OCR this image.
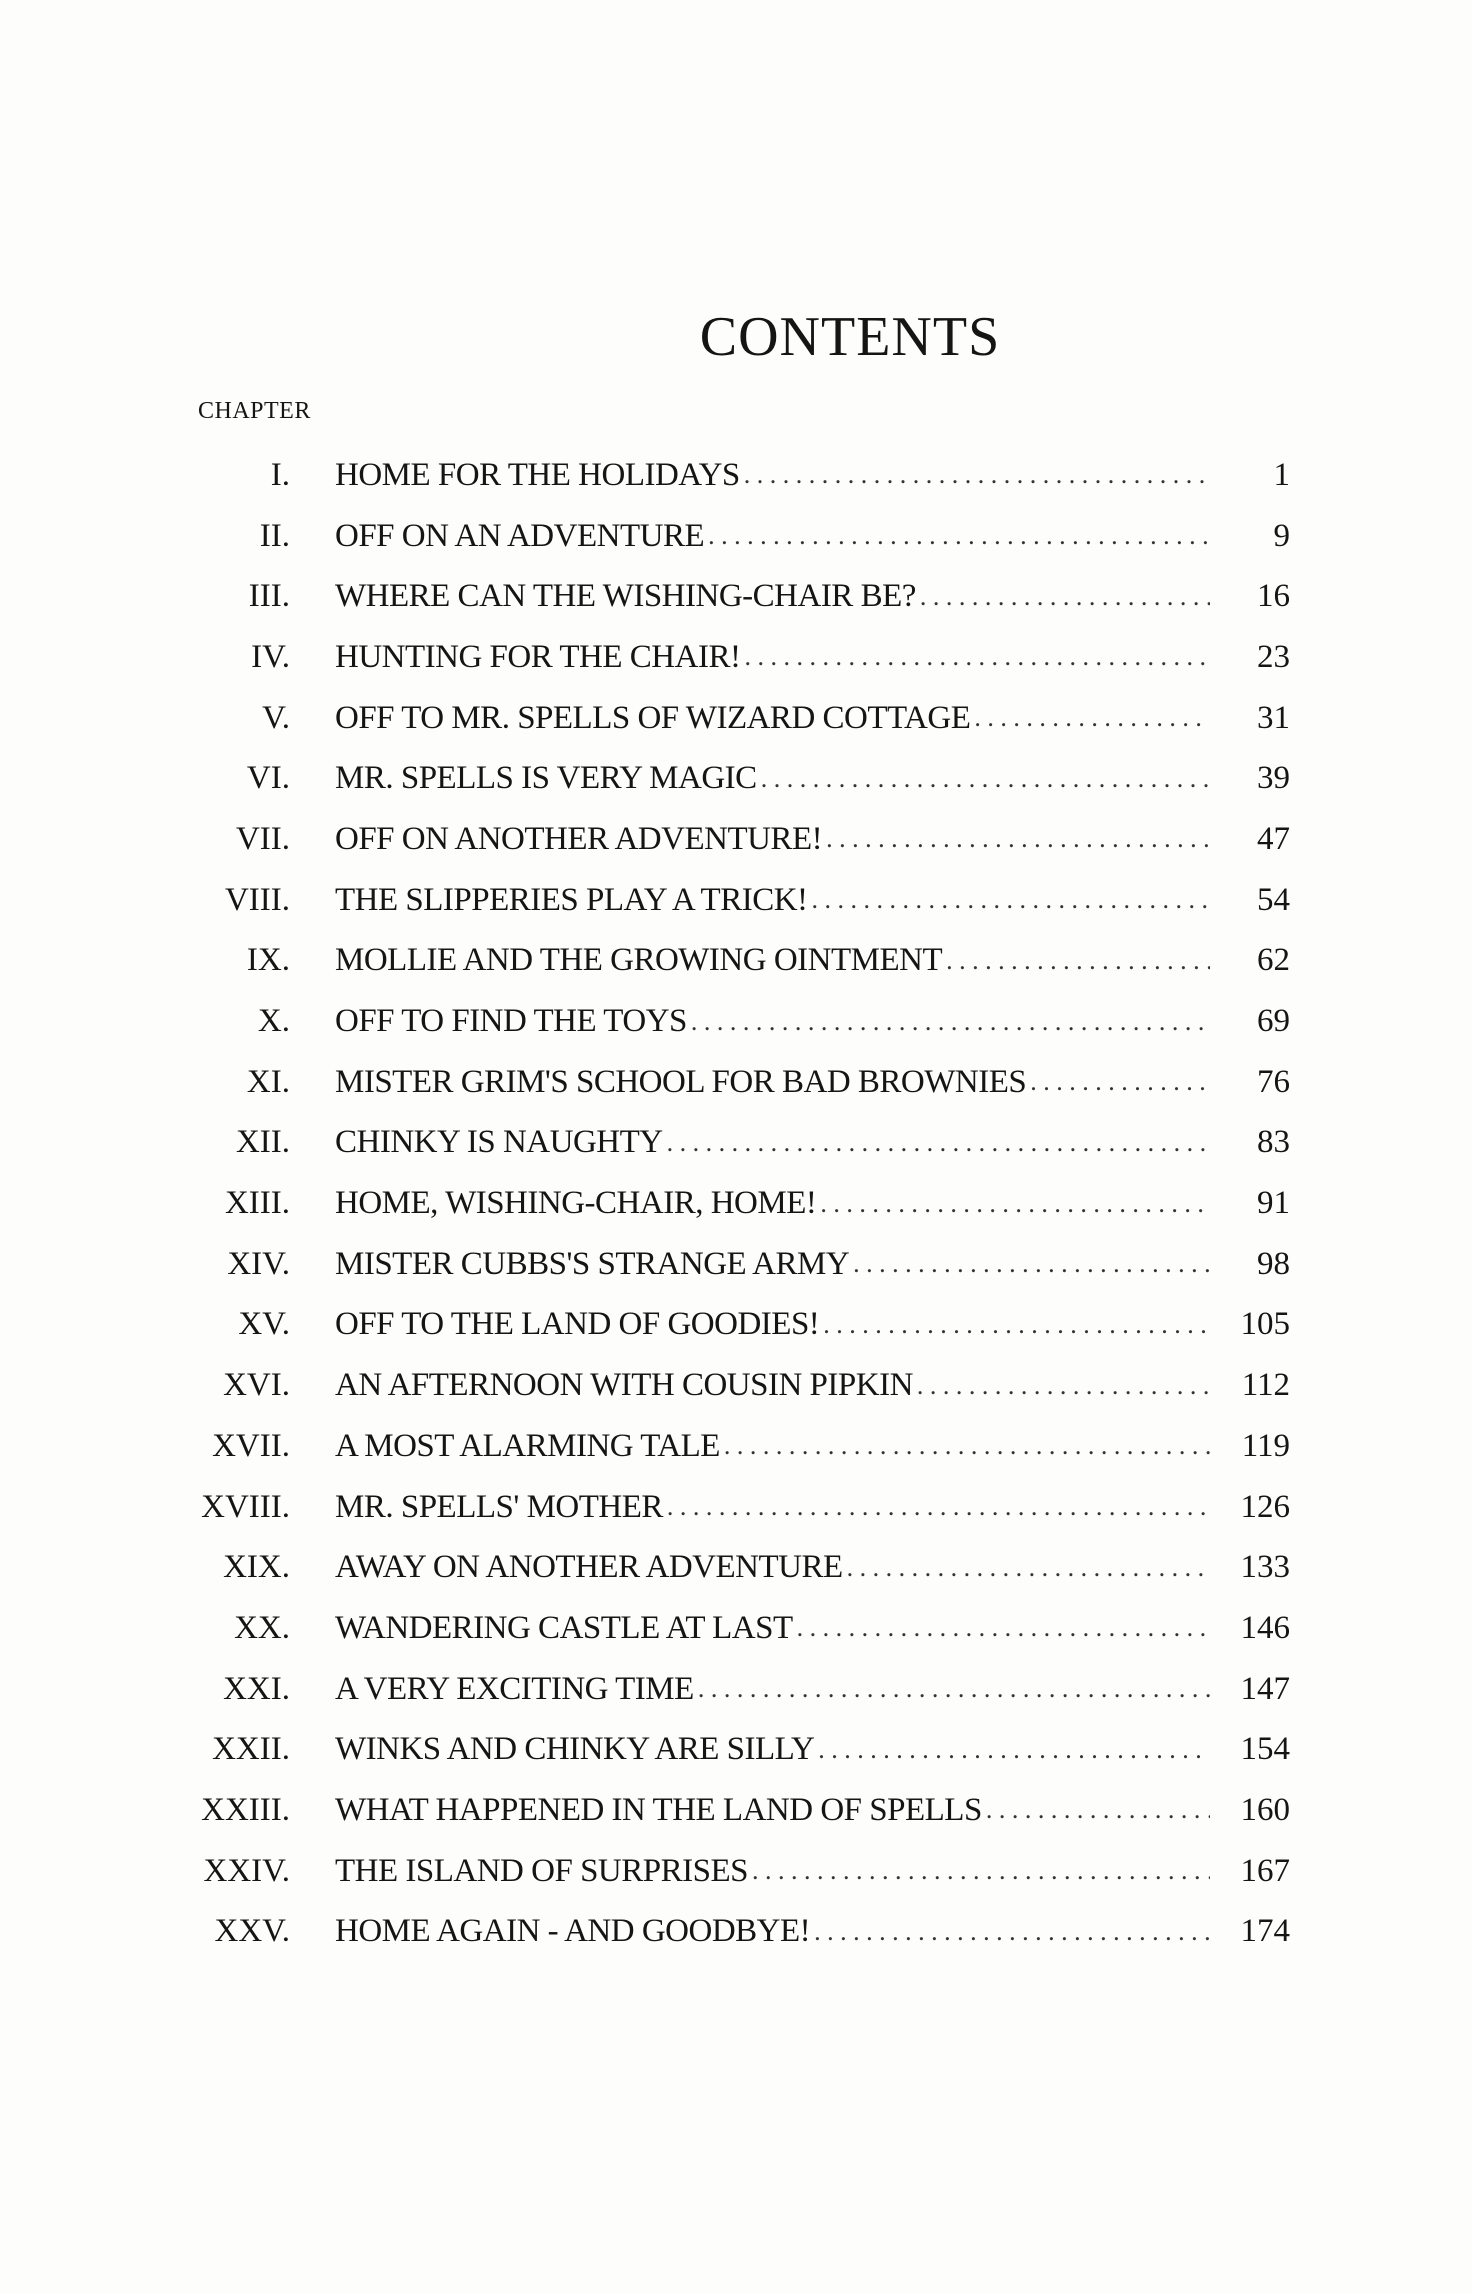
CONTENTS
CHAPTER
I. HOME FOR THE HOLIDAYS . . .	1
II. OFF ON AN ADVENTURE . . .	9
III. WHERE CAN THE WISHING-CHAIR BE? . . .	16
IV. HUNTING FOR THE CHAIR! . . .	23
V. OFF TO MR. SPELLS OF WIZARD COTTAGE . . .	31
VI. MR. SPELLS IS VERY MAGIC . . .	39
VII. OFF ON ANOTHER ADVENTURE! . . .	47
VIII. THE SLIPPERIES PLAY A TRICK! . . .	54
IX. MOLLIE AND THE GROWING OINTMENT . . .	62
X. OFF TO FIND THE TOYS . . .	69
XI. MISTER GRIM'S SCHOOL FOR BAD BROWNIES . . .	76
XII. CHINKY IS NAUGHTY . . .	83
XIII. HOME, WISHING-CHAIR, HOME! . . .	91
XIV. MISTER CUBBS'S STRANGE ARMY . . .	98
XV. OFF TO THE LAND OF GOODIES! . . .	105
XVI. AN AFTERNOON WITH COUSIN PIPKIN . . .	112
XVII. A MOST ALARMING TALE . . .	119
XVIII. MR. SPELLS' MOTHER . . .	126
XIX. AWAY ON ANOTHER ADVENTURE . . .	133
XX. WANDERING CASTLE AT LAST . . .	146
XXI. A VERY EXCITING TIME . . .	147
XXII. WINKS AND CHINKY ARE SILLY . . .	154
XXIII. WHAT HAPPENED IN THE LAND OF SPELLS . . .	160
XXIV. THE ISLAND OF SURPRISES . . .	167
XXV. HOME AGAIN - AND GOODBYE! . . .	174
